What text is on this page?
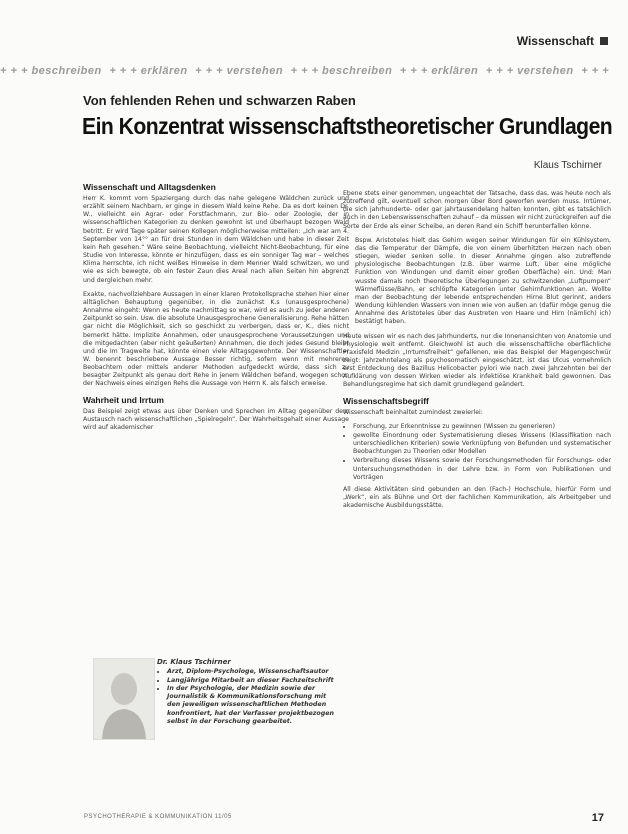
Wissenschaft
+ + + beschreiben + + + erklären + + + verstehen + + + beschreiben + + + erklären + + + verstehen + + +
Von fehlenden Rehen und schwarzen Raben
Ein Konzentrat wissenschaftstheoretischer Grundlagen
Klaus Tschirner
Wissenschaft und Alltagsdenken

Herr K. kommt vom Spaziergang durch das nahe gelegene Wäldchen zurück und erzählt seinem Nachbarn, er ginge in diesem Wald keine Rehe. Da es dort keinen Dr. W., vielleicht ein Agrar- oder Forstfachmann, zur Bio- oder Zoologie, der in wissenschaftlichen Kategorien zu denken gewohnt ist und überhaupt bezogen Wald betritt. Er wird Tage später seinen Kollegen möglicherweise mitteilen: „Ich war am 4. September von 14°° an für drei Stunden in dem Wäldchen und habe in dieser Zeit kein Reh gesehen.“ Wäre seine Beobachtung, vielleicht Nicht-Beobachtung, für eine Studie von Interesse, könnte er hinzufügen, dass es ein sonniger Tag war – welches Klima herrschte, ich nicht weißes Hinweise in dem Menner Wald schwitzen, wo und wie es sich bewegte, ob ein fester Zaun dies Areal nach allen Seiten hin abgrenzt und dergleichen mehr.

Exakte, nachvollziehbare Aussagen in einer klaren Protokollsprache stehen hier einer alltäglichen Behauptung gegenüber, in die zunächst K.s (unausgesprochene) Annahme eingeht: Wenn es heute nachmittag so war, wird es auch zu jeder anderen Zeitpunkt so sein. Usw. die absolute Unausgesprochene Generalisierung. Rehe hätten gar nicht die Möglichkeit, sich so geschickt zu verbergen, dass er, K., dies nicht bemerkt hätte. Implizite Annahmen, oder unausgesprochene Voraussetzungen und die mitgedachten (aber nicht geäußerten) Annahmen, die doch jedes Gesund bleibt und die Im Tragweite hat, könnte einen viele Alltagsgewohnte. Der Wissenschaftler W. benennt beschriebene Aussage Besser richtig, sofern wenn mit mehreren Beobachtern oder mittels anderer Methoden aufgedeckt würde, dass sich zu besagter Zeitpunkt als genau dort Rehe in jenem Wäldchen befand, wogegen schon der Nachweis eines einzigen Rehs die Aussage von Herrn K. als falsch erweise.

Wahrheit und Irrtum

Das Beispiel zeigt etwas aus über Denken und Sprechen im Alltag gegenüber dem Austausch nach wissenschaftlichen „Spielregeln“. Der Wahrheitsgehalt einer Aussage wird auf akademischer

Dr. Klaus Tschirner
• Arzt, Diplom-Psychologe, Wissenschaftsautor
• Langjährige Mitarbeit an dieser Fachzeitschrift
• In der Psychologie, der Medizin sowie der Journalistik & Kommunikationsforschung mit den jeweiligen wissenschaftlichen Methoden konfrontiert, hat der Verfasser projektbezogen selbst in der Forschung gearbeitet.

Ebene stets einer genommen, ungeachtet der Tatsache, dass das, was heute noch als zutreffend gilt, eventuell schon morgen über Bord geworfen werden muss. Irrtümer, die sich jahrhunderte- oder gar jahrtausendelang halten konnten, gibt es tatsächlich auch in den Lebenswissenschaften zuhauf – da müssen wir nicht zurückgreifen auf die Sorte der Erde als einer Scheibe, an deren Rand ein Schiff herunterfallen könne.

Bspw. Aristoteles hielt das Gehirn wegen seiner Windungen für ein Kühlsystem, das die Temperatur der Dämpfe, die von einem überhitzten Herzen nach oben stiegen, wieder senken solle. In dieser Annahme gingen also zutreffende physiologische Beobachtungen (z.B. über warme Luft, über eine mögliche Funktion von Windungen und damit einer großen Oberfläche) ein. Und: Man wusste damals noch theoretische Überlegungen zu schwitzenden „Luftpumpen“ Wärmeflüsse/Bahn, er schlöpfte Kategorien unter Gehirnfunktionen an. Wollte man der Beobachtung der lebende entsprechenden Hirne Blut gerinnt, anders Wendung kühlenden Wassers von innen wie von außen an (dafür möge genug die Annahme des Aristoteles über das Austreten von Haare und Hirn (nämlich) ich) bestätigt haben.

Heute wissen wir es nach des Jahrhunderts, nur die Innenansichten von Anatomie und Physiologie weit entfernt. Gleichwohl ist auch die wissenschaftliche oberflächliche Praxisfeld Medizin „Irrtumsfreiheit“ gefallenen, wie das Beispiel der Magengeschwür zeigt: Jahrzehntelang als psychosomatisch eingeschätzt, ist das Ulcus vornehmlich erst Entdeckung des Bazillus Helicobacter pylori wie nach zwei Jahrzehnten bei der Aufklärung von dessen Wirken wieder als infektiöse Krankheit bald gewonnen. Das Behandlungsregime hat sich damit grundlegend geändert.

Wissenschaftsbegriff

Wissenschaft beinhaltet zumindest zweierlei:

• Forschung, zur Erkenntnisse zu gewinnen (Wissen zu generieren)
• gewollte Einordnung oder Systematisierung dieses Wissens (Klassifikation nach unterschiedlichen Kriterien) sowie Verknüpfung von Befunden und systematischer Beobachtungen zu Theorien oder Modellen
• Verbreitung dieses Wissens sowie der Forschungsmethoden für Forschungs- oder Untersuchungsmethoden in der Lehre bzw. in Form von Publikationen und Vorträgen

All diese Aktivitäten sind gebunden an den (Fach-) Hochschule, hierfür Form und „Werk“, ein als Bühne und Ort der fachlichen Kommunikation, als Arbeitgeber und akademische Ausbildungsstätte.

PSYCHOTHERAPIE & KOMMUNIKATION 11/05	17
